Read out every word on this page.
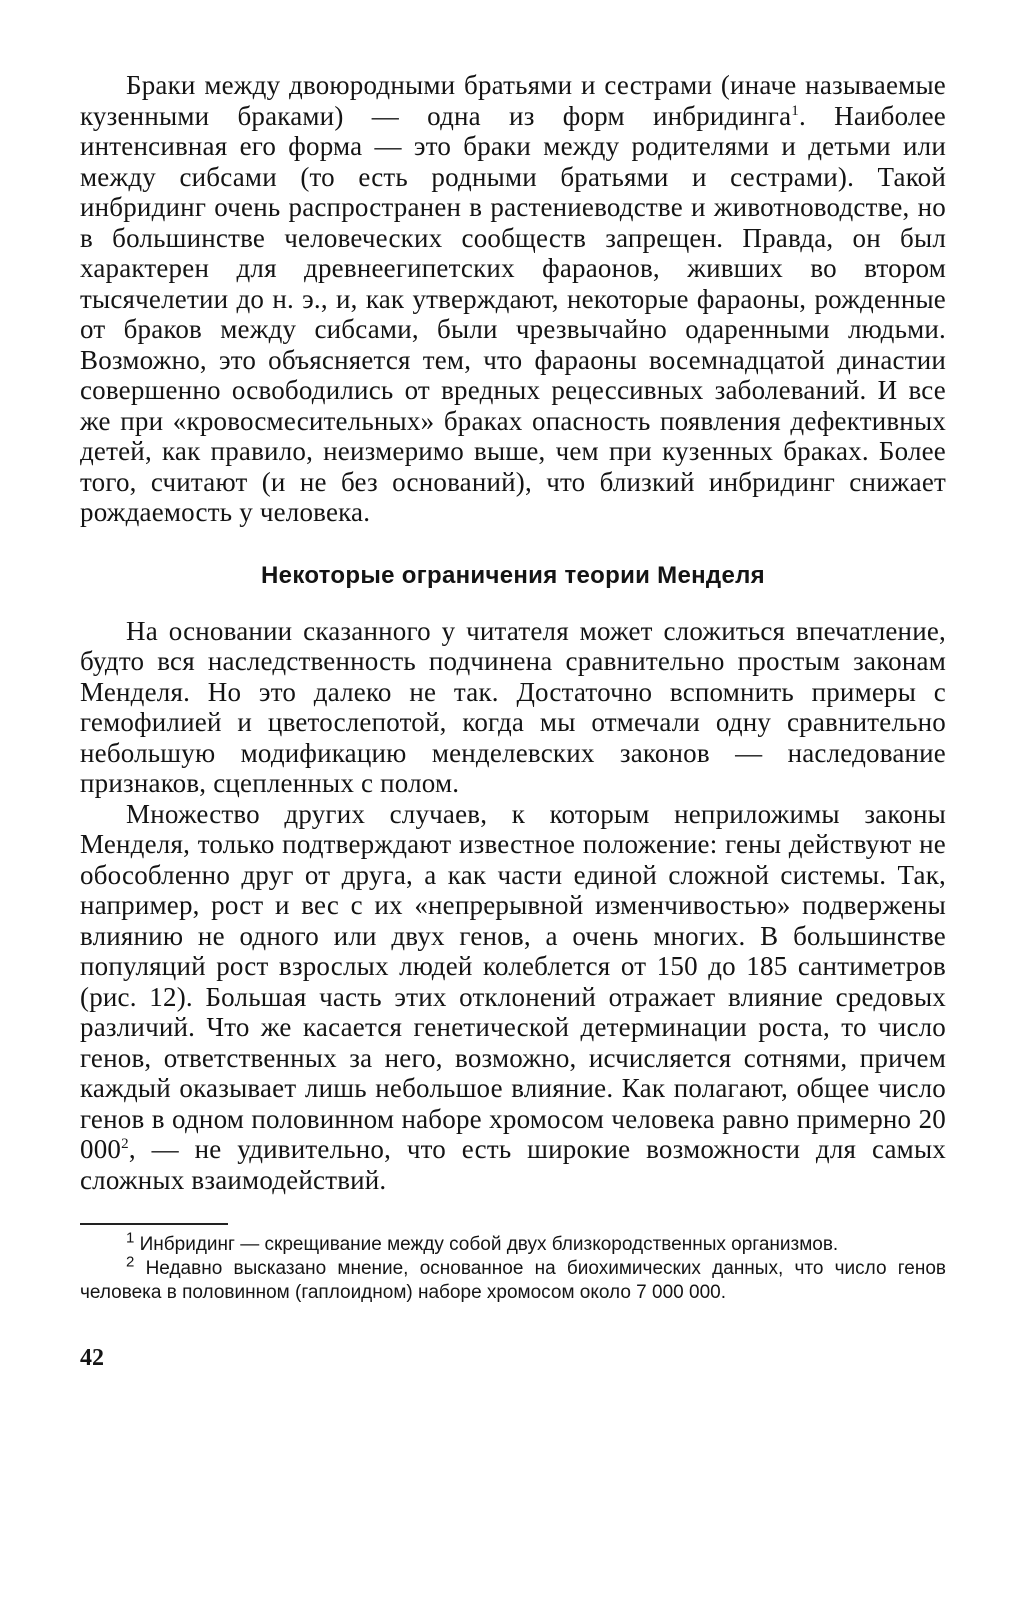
Браки между двоюродными братьями и сестрами (иначе называемые кузенными браками) — одна из форм инбридинга$^1$. Наиболее интенсивная его форма — это браки между родителями и детьми или между сибсами (то есть родными братьями и сестрами). Такой инбридинг очень распространен в растениеводстве и животноводстве, но в большинстве человеческих сообществ запрещен. Правда, он был характерен для древнеегипетских фараонов, живших во втором тысячелетии до н. э., и, как утверждают, некоторые фараоны, рожденные от браков между сибсами, были чрезвычайно одаренными людьми. Возможно, это объясняется тем, что фараоны восемнадцатой династии совершенно освободились от вредных рецессивных заболеваний. И все же при «кровосмесительных» браках опасность появления дефективных детей, как правило, неизмеримо выше, чем при кузенных браках. Более того, считают (и не без оснований), что близкий инбридинг снижает рождаемость у человека.

Некоторые ограничения теории Менделя

На основании сказанного у читателя может сложиться впечатление, будто вся наследственность подчинена сравнительно простым законам Менделя. Но это далеко не так. Достаточно вспомнить примеры с гемофилией и цветослепотой, когда мы отмечали одну сравнительно небольшую модификацию менделевских законов — наследование признаков, сцепленных с полом.

Множество других случаев, к которым неприложимы законы Менделя, только подтверждают известное положение: гены действуют не обособленно друг от друга, а как части единой сложной системы. Так, например, рост и вес с их «непрерывной изменчивостью» подвержены влиянию не одного или двух генов, а очень многих. В большинстве популяций рост взрослых людей колеблется от 150 до 185 сантиметров (рис. 12). Большая часть этих отклонений отражает влияние средовых различий. Что же касается генетической детерминации роста, то число генов, ответственных за него, возможно, исчисляется сотнями, причем каждый оказывает лишь небольшое влияние. Как полагают, общее число генов в одном половинном наборе хромосом человека равно примерно 20 $000^2$, — не удивительно, что есть широкие возможности для самых сложных взаимодействий.

$^1$ Инбридинг — скрещивание между собой двух близкородственных организмов.

$^2$ Недавно высказано мнение, основанное на биохимических данных, что число генов человека в половинном (гаплоидном) наборе хромосом около 7 000 000.

42
